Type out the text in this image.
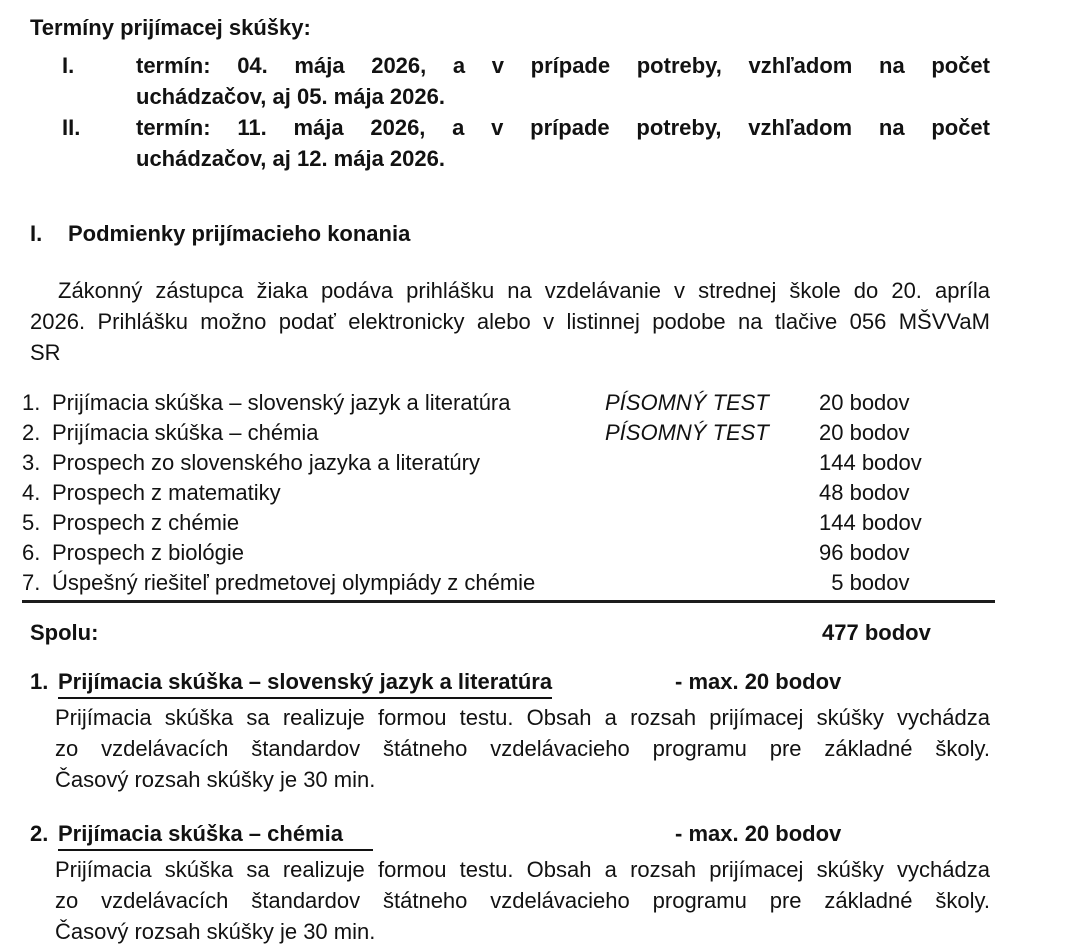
Termíny prijímacej skúšky:
I.	termín: 04. mája 2026, a v prípade potreby, vzhľadom na počet
uchádzačov, aj 05. mája 2026.
II.	termín: 11. mája 2026, a v prípade potreby, vzhľadom na počet
uchádzačov, aj 12. mája 2026.
I. Podmienky prijímacieho konania
Zákonný zástupca žiaka podáva prihlášku na vzdelávanie v strednej škole do 20. apríla
2026. Prihlášku možno podať elektronicky alebo v listinnej podobe na tlačive 056 MŠVVaM
SR
1. Prijímacia skúška – slovenský jazyk a literatúra	PÍSOMNÝ TEST 20 bodov
2. Prijímacia skúška – chémia	PÍSOMNÝ TEST 20 bodov
3. Prospech zo slovenského jazyka a literatúry	144 bodov
4. Prospech z matematiky	48 bodov
5. Prospech z chémie	144 bodov
6. Prospech z biológie	96 bodov
7. Úspešný riešiteľ predmetovej olympiády z chémie	5 bodov
Spolu:	477 bodov
1. Prijímacia skúška – slovenský jazyk a literatúra	- max. 20 bodov
Prijímacia skúška sa realizuje formou testu. Obsah a rozsah prijímacej skúšky vychádza
zo vzdelávacích štandardov štátneho vzdelávacieho programu pre základné školy.
Časový rozsah skúšky je 30 min.
2. Prijímacia skúška – chémia	- max. 20 bodov
Prijímacia skúška sa realizuje formou testu. Obsah a rozsah prijímacej skúšky vychádza
zo vzdelávacích štandardov štátneho vzdelávacieho programu pre základné školy.
Časový rozsah skúšky je 30 min.
